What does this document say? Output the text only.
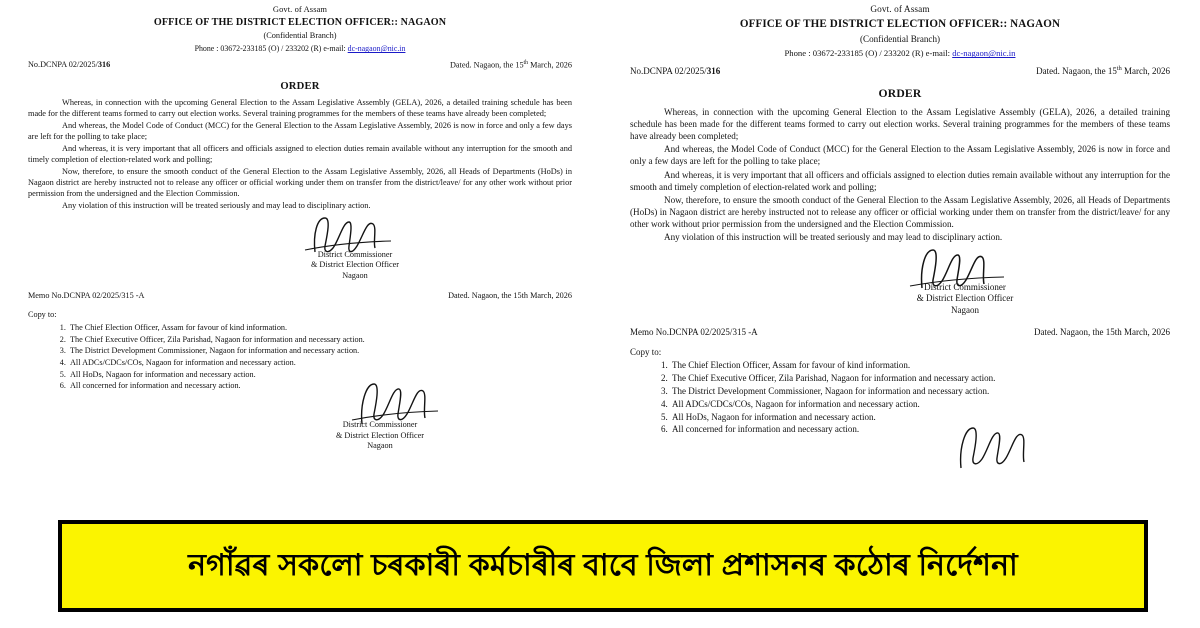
Govt. of Assam
OFFICE OF THE DISTRICT ELECTION OFFICER:: NAGAON
(Confidential Branch)
Phone : 03672-233185 (O) / 233202 (R) e-mail: dc-nagaon@nic.in
No.DCNPA 02/2025/316	Dated. Nagaon, the 15th March, 2026
ORDER

Whereas, in connection with the upcoming General Election to the Assam Legislative Assembly (GELA), 2026, a detailed training schedule has been made for the different teams formed to carry out election works. Several training programmes for the members of these teams have already been completed;

And whereas, the Model Code of Conduct (MCC) for the General Election to the Assam Legislative Assembly, 2026 is now in force and only a few days are left for the polling to take place;

And whereas, it is very important that all officers and officials assigned to election duties remain available without any interruption for the smooth and timely completion of election-related work and polling;

Now, therefore, to ensure the smooth conduct of the General Election to the Assam Legislative Assembly, 2026, all Heads of Departments (HoDs) in Nagaon district are hereby instructed not to release any officer or official working under them on transfer from the district/leave/ for any other work without prior permission from the undersigned and the Election Commission.

Any violation of this instruction will be treated seriously and may lead to disciplinary action.

District Commissioner
& District Election Officer
Nagaon
Memo No.DCNPA 02/2025/315 -A	Dated. Nagaon, the 15th March, 2026
Copy to:
1. The Chief Election Officer, Assam for favour of kind information.
2. The Chief Executive Officer, Zila Parishad, Nagaon for information and necessary action.
3. The District Development Commissioner, Nagaon for information and necessary action.
4. All ADCs/CDCs/COs, Nagaon for information and necessary action.
5. All HoDs, Nagaon for information and necessary action.
6. All concerned for information and necessary action.
District Commissioner
& District Election Officer
Nagaon
Govt. of Assam
OFFICE OF THE DISTRICT ELECTION OFFICER:: NAGAON
(Confidential Branch)
Phone : 03672-233185 (O) / 233202 (R) e-mail: dc-nagaon@nic.in
No.DCNPA 02/2025/316	Dated. Nagaon, the 15th March, 2026
ORDER

Whereas, in connection with the upcoming General Election to the Assam Legislative Assembly (GELA), 2026, a detailed training schedule has been made for the different teams formed to carry out election works. Several training programmes for the members of these teams have already been completed;

And whereas, the Model Code of Conduct (MCC) for the General Election to the Assam Legislative Assembly, 2026 is now in force and only a few days are left for the polling to take place;

And whereas, it is very important that all officers and officials assigned to election duties remain available without any interruption for the smooth and timely completion of election-related work and polling;

Now, therefore, to ensure the smooth conduct of the General Election to the Assam Legislative Assembly, 2026, all Heads of Departments (HoDs) in Nagaon district are hereby instructed not to release any officer or official working under them on transfer from the district/leave/ for any other work without prior permission from the undersigned and the Election Commission.

Any violation of this instruction will be treated seriously and may lead to disciplinary action.

District Commissioner
& District Election Officer
Nagaon
Memo No.DCNPA 02/2025/315 -A	Dated. Nagaon, the 15th March, 2026
Copy to:
1. The Chief Election Officer, Assam for favour of kind information.
2. The Chief Executive Officer, Zila Parishad, Nagaon for information and necessary action.
3. The District Development Commissioner, Nagaon for information and necessary action.
4. All ADCs/CDCs/COs, Nagaon for information and necessary action.
5. All HoDs, Nagaon for information and necessary action.
6. All concerned for information and necessary action.
নগাঁৱৰ সকলো চৰকাৰী কৰ্মচাৰীৰ বাবে জিলা প্ৰশাসনৰ কঠোৰ নিৰ্দেশনা
